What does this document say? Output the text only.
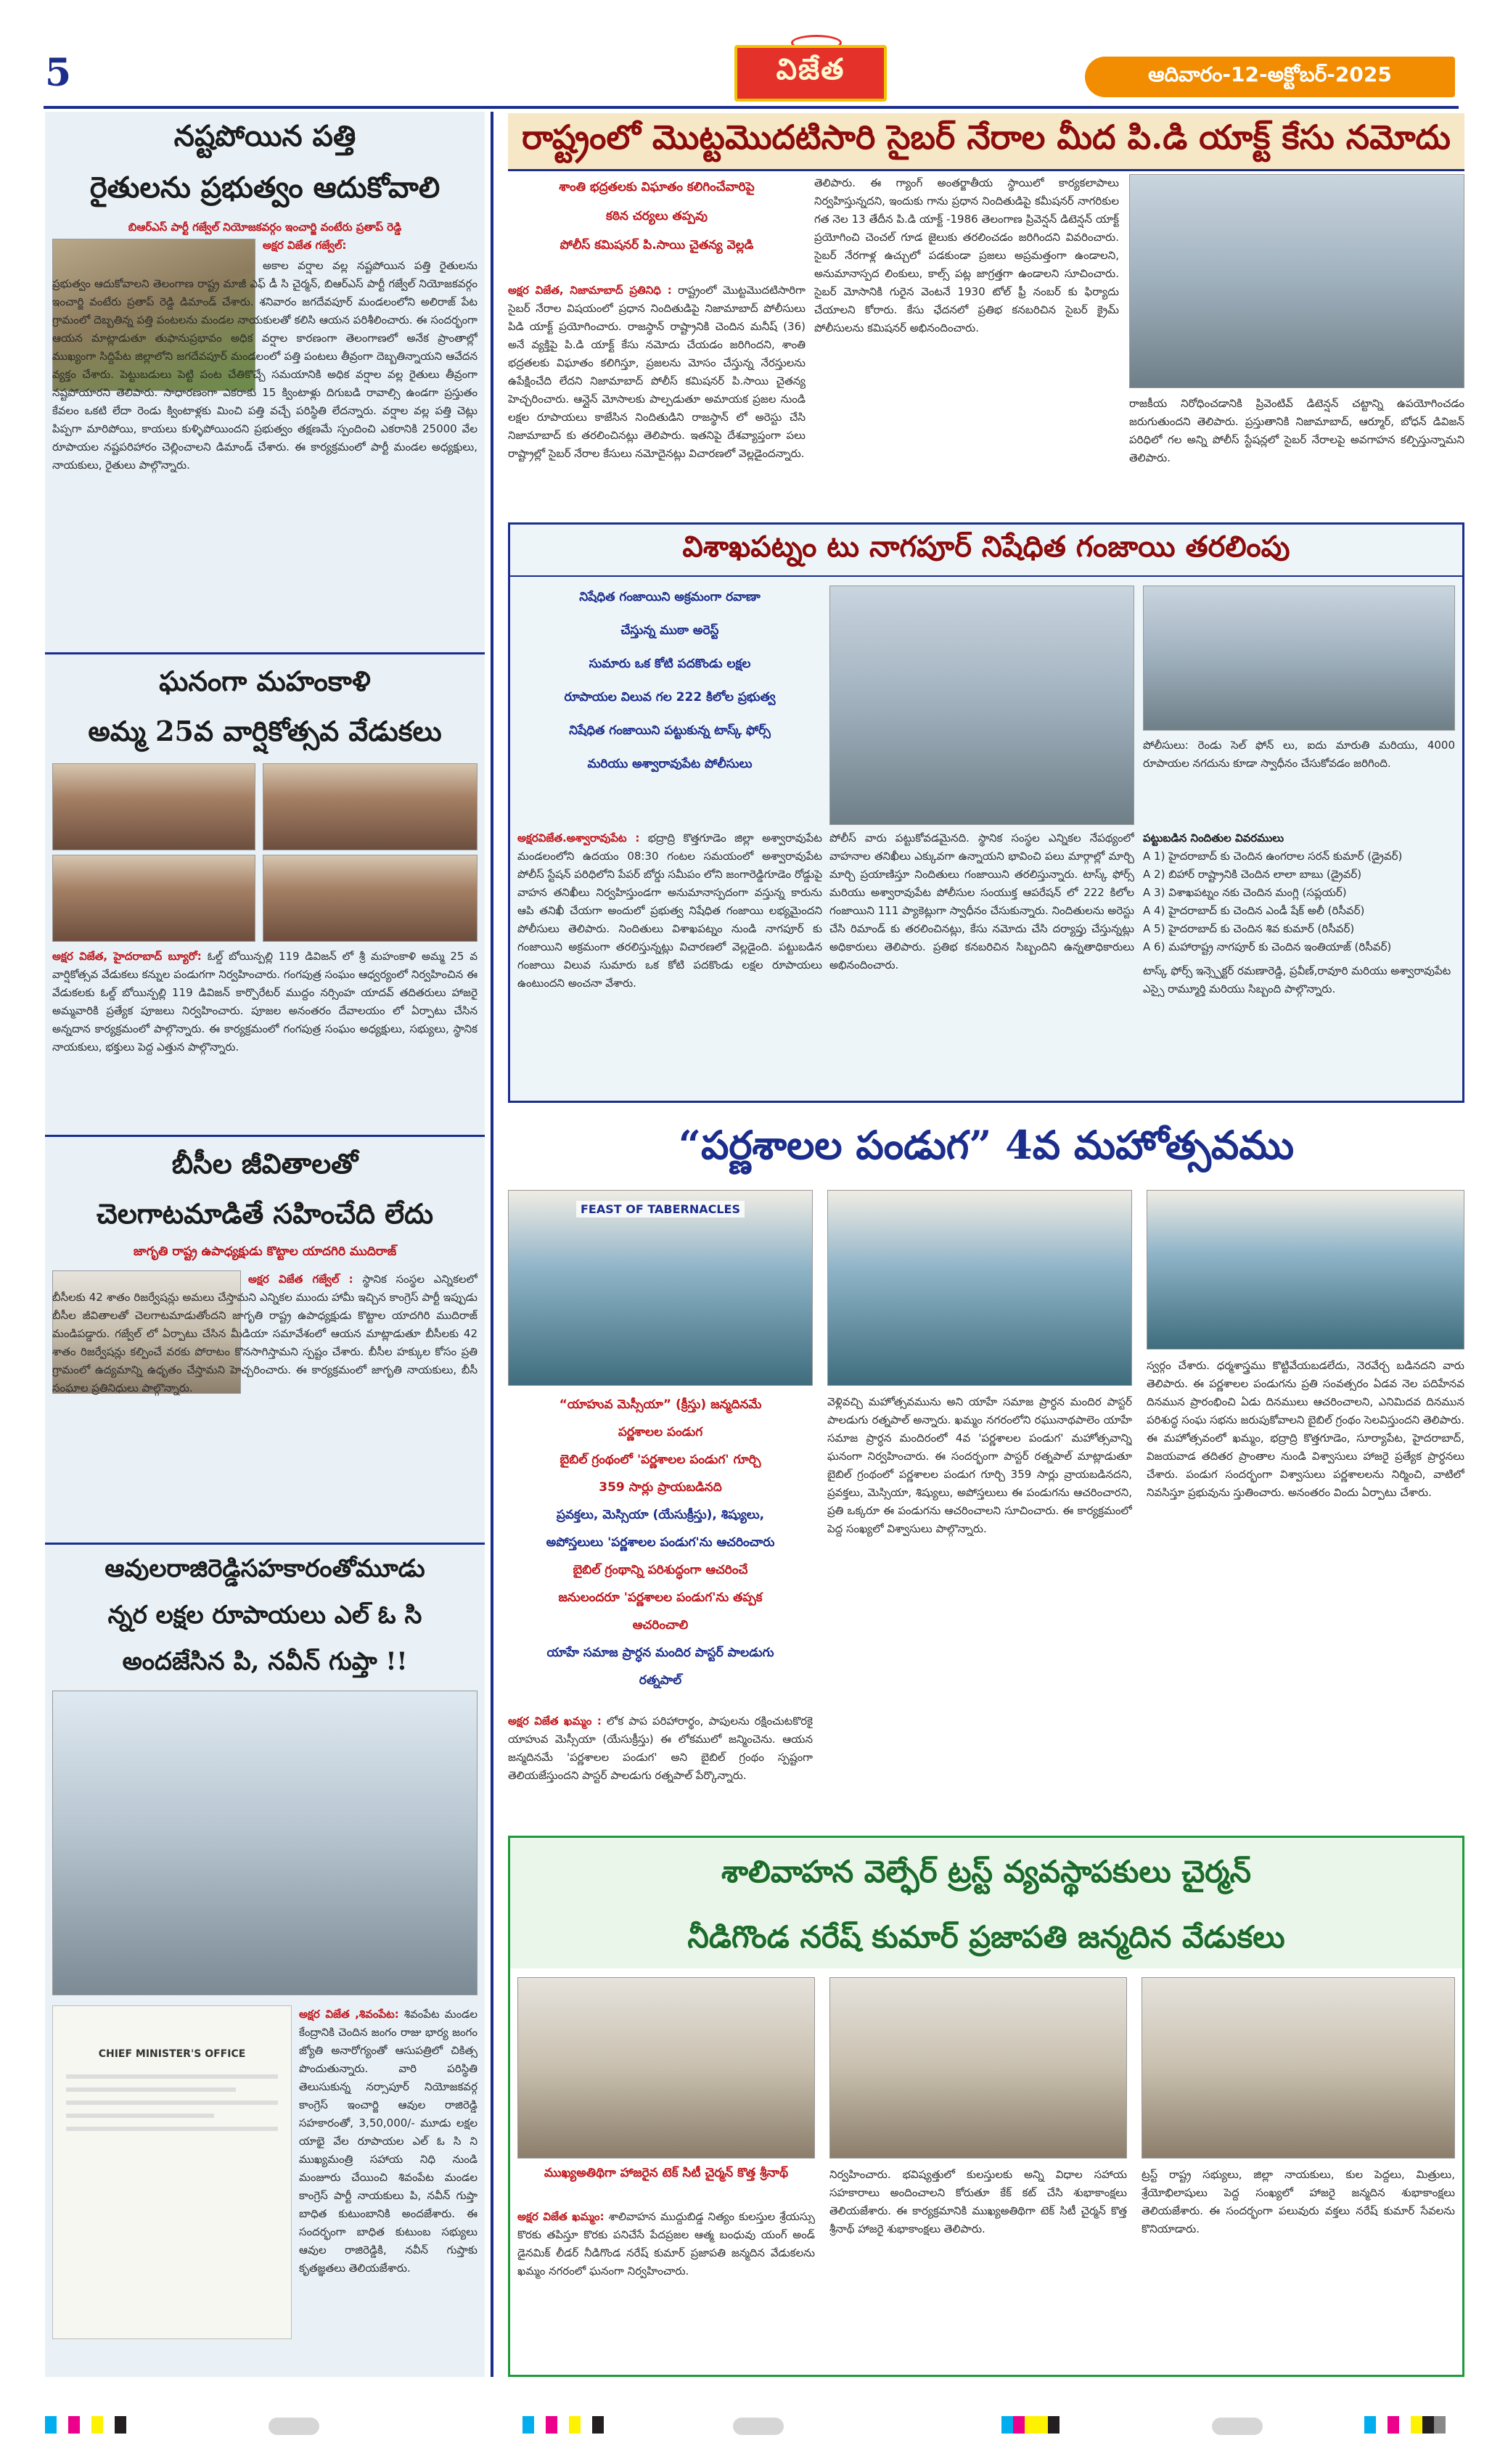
5	విజేత	ఆదివారం-12-అక్టోబర్-2025
నష్టపోయిన పత్తి
రైతులను ప్రభుత్వం ఆదుకోవాలి
బిఆర్ఎస్ పార్టీ గజ్వేల్ నియోజకవర్గం ఇంచార్జి వంటేరు ప్రతాప్ రెడ్డి
అక్షర విజేత గజ్వేల్:
అకాల వర్షాల వల్ల నష్టపోయిన పత్తి రైతులను ప్రభుత్వం ఆదుకోవాలని తెలంగాణ రాష్ట్ర మాజీ ఎఫ్ డీ సి చైర్మన్, బిఆర్ఎస్ పార్టీ గజ్వేల్ నియోజకవర్గం ఇంచార్జి వంటేరు ప్రతాప్ రెడ్డి డిమాండ్ చేశారు. శనివారం జగదేవపూర్ మండలంలోని అలిరాజ్ పేట గ్రామంలో దెబ్బతిన్న పత్తి పంటలను మండల నాయకులతో కలిసి ఆయన పరిశీలించారు. ఈ సందర్భంగా ఆయన మాట్లాడుతూ తుఫానుప్రభావం అధిక వర్షాల కారణంగా తెలంగాణలో అనేక ప్రాంతాల్లో ముఖ్యంగా సిద్దిపేట జిల్లాలోని జగదేవపూర్ మండలంలో పత్తి పంటలు తీవ్రంగా దెబ్బతిన్నాయని ఆవేదన వ్యక్తం చేశారు. పెట్టుబడులు పెట్టి పంట చేతికొచ్చే సమయానికి అధిక వర్షాల వల్ల రైతులు తీవ్రంగా నష్టపోయారని తెలిపారు. సాధారణంగా ఎకరాకు 15 క్వింటాళ్లు దిగుబడి రావాల్సి ఉండగా ప్రస్తుతం కేవలం ఒకటి లేదా రెండు క్వింటాళ్లకు మించి పత్తి వచ్చే పరిస్థితి లేదన్నారు. వర్షాల వల్ల పత్తి చెట్లు పిప్పగా మారిపోయి, కాయలు కుళ్ళిపోయిందని ప్రభుత్వం తక్షణమే స్పందించి ఎకరానికి 25000 వేల రూపాయల నష్టపరిహారం చెల్లించాలని డిమాండ్ చేశారు. ఈ కార్యక్రమంలో పార్టీ మండల అధ్యక్షులు, నాయకులు, రైతులు పాల్గొన్నారు.
ఘనంగా మహంకాళి
అమ్మ 25వ వార్షికోత్సవ వేడుకలు
అక్షర విజేత, హైదరాబాద్ బ్యూరో: ఓల్డ్ బోయిన్పల్లి 119 డివిజన్ లో శ్రీ మహంకాళి అమ్మ 25 వ వార్షికోత్సవ వేడుకలు కన్నుల పండుగగా నిర్వహించారు. గంగపుత్ర సంఘం ఆధ్వర్యంలో నిర్వహించిన ఈ వేడుకలకు ఓల్డ్ బోయిన్పల్లి 119 డివిజన్ కార్పొరేటర్ ముద్దం నర్సింహ యాదవ్ తదితరులు హాజరై అమ్మవారికి ప్రత్యేక పూజలు నిర్వహించారు. పూజల అనంతరం దేవాలయం లో ఏర్పాటు చేసిన అన్నదాన కార్యక్రమంలో పాల్గొన్నారు. ఈ కార్యక్రమంలో గంగపుత్ర సంఘం అధ్యక్షులు, సభ్యులు, స్థానిక నాయకులు, భక్తులు పెద్ద ఎత్తున పాల్గొన్నారు.
బీసీల జీవితాలతో
చెలగాటమాడితే సహించేది లేదు
జాగృతి రాష్ట్ర ఉపాధ్యక్షుడు కొట్టాల యాదగిరి ముదిరాజ్
అక్షర విజేత గజ్వేల్ : స్థానిక సంస్థల ఎన్నికలలో బీసీలకు 42 శాతం రిజర్వేషన్లు అమలు చేస్తామని ఎన్నికల ముందు హామీ ఇచ్చిన కాంగ్రెస్ పార్టీ ఇప్పుడు బీసీల జీవితాలతో చెలగాటమాడుతోందని జాగృతి రాష్ట్ర ఉపాధ్యక్షుడు కొట్టాల యాదగిరి ముదిరాజ్ మండిపడ్డారు. గజ్వేల్ లో ఏర్పాటు చేసిన మీడియా సమావేశంలో ఆయన మాట్లాడుతూ బీసీలకు 42 శాతం రిజర్వేషన్లు కల్పించే వరకు పోరాటం కొనసాగిస్తామని స్పష్టం చేశారు. బీసీల హక్కుల కోసం ప్రతి గ్రామంలో ఉద్యమాన్ని ఉధృతం చేస్తామని హెచ్చరించారు. ఈ కార్యక్రమంలో జాగృతి నాయకులు, బీసీ సంఘాల ప్రతినిధులు పాల్గొన్నారు.
ఆవులరాజిరెడ్డిసహకారంతోమూడు
న్నర లక్షల రూపాయలు ఎల్ ఓ సి
అందజేసిన పి, నవీన్ గుప్తా !!
CHIEF MINISTER'S OFFICE
అక్షర విజేత ,శివంపేట: శివంపేట మండల కేంద్రానికి చెందిన జంగం రాజు భార్య జంగం జ్యోతి అనారోగ్యంతో ఆసుపత్రిలో చికిత్స పొందుతున్నారు. వారి పరిస్థితి తెలుసుకున్న నర్సాపూర్ నియోజకవర్గ కాంగ్రెస్ ఇంచార్జి ఆవుల రాజిరెడ్డి సహకారంతో, 3,50,000/- మూడు లక్షల యాభై వేల రూపాయల ఎల్ ఓ సి ని ముఖ్యమంత్రి సహాయ నిధి నుండి మంజూరు చేయించి శివంపేట మండల కాంగ్రెస్ పార్టీ నాయకులు పి, నవీన్ గుప్తా బాధిత కుటుంబానికి అందజేశారు. ఈ సందర్భంగా బాధిత కుటుంబ సభ్యులు ఆవుల రాజిరెడ్డికి, నవీన్ గుప్తాకు కృతజ్ఞతలు తెలియజేశారు.
రాష్ట్రంలో మొట్టమొదటిసారి సైబర్ నేరాల మీద పి.డి యాక్ట్ కేసు నమోదు
శాంతి భద్రతలకు విఘాతం కలిగించేవారిపై
కఠిన చర్యలు తప్పవు
పోలీస్ కమిషనర్ పి.సాయి చైతన్య వెల్లడి
అక్షర విజేత, నిజామాబాద్ ప్రతినిధి : రాష్ట్రంలో మొట్టమొదటిసారిగా సైబర్ నేరాల విషయంలో ప్రధాన నిందితుడిపై నిజామాబాద్ పోలీసులు పిడి యాక్ట్ ప్రయోగించారు. రాజస్థాన్ రాష్ట్రానికి చెందిన మనీష్ (36) అనే వ్యక్తిపై పి.డి యాక్ట్ కేసు నమోదు చేయడం జరిగిందని, శాంతి భద్రతలకు విఘాతం కలిగిస్తూ, ప్రజలను మోసం చేస్తున్న నేరస్తులను ఉపేక్షించేది లేదని నిజామాబాద్ పోలీస్ కమిషనర్ పి.సాయి చైతన్య హెచ్చరించారు. ఆన్లైన్ మోసాలకు పాల్పడుతూ అమాయక ప్రజల నుండి లక్షల రూపాయలు కాజేసిన నిందితుడిని రాజస్థాన్ లో అరెస్టు చేసి నిజామాబాద్ కు తరలించినట్లు తెలిపారు. ఇతనిపై దేశవ్యాప్తంగా పలు రాష్ట్రాల్లో సైబర్ నేరాల కేసులు నమోదైనట్లు విచారణలో వెల్లడైందన్నారు.
తెలిపారు. ఈ గ్యాంగ్ అంతర్జాతీయ స్థాయిలో కార్యకలాపాలు నిర్వహిస్తున్నదని, ఇందుకు గాను ప్రధాన నిందితుడిపై కమీషనర్ నాగరికుల గత నెల 13 తేదీన పి.డి యాక్ట్ -1986 తెలంగాణ ప్రివెన్షన్ డిటెన్షన్ యాక్ట్ ప్రయోగించి చెంచల్ గూడ జైలుకు తరలించడం జరిగిందని వివరించారు. సైబర్ నేరగాళ్ల ఉచ్చులో పడకుండా ప్రజలు అప్రమత్తంగా ఉండాలని, అనుమానాస్పద లింకులు, కాల్స్ పట్ల జాగ్రత్తగా ఉండాలని సూచించారు. సైబర్ మోసానికి గురైన వెంటనే 1930 టోల్ ఫ్రీ నంబర్ కు ఫిర్యాదు చేయాలని కోరారు. కేసు ఛేదనలో ప్రతిభ కనబరిచిన సైబర్ క్రైమ్ పోలీసులను కమిషనర్ అభినందించారు.
రాజకీయ నిరోధించడానికి ప్రివెంటివ్ డిటెన్షన్ చట్టాన్ని ఉపయోగించడం జరుగుతుందని తెలిపారు. ప్రస్తుతానికి నిజామాబాద్, ఆర్మూర్, బోధన్ డివిజన్ పరిధిలో గల అన్ని పోలీస్ స్టేషన్లలో సైబర్ నేరాలపై అవగాహన కల్పిస్తున్నామని తెలిపారు.
విశాఖపట్నం టు నాగపూర్ నిషేధిత గంజాయి తరలింపు
నిషేధిత గంజాయిని అక్రమంగా రవాణా
చేస్తున్న ముఠా అరెస్ట్
సుమారు ఒక కోటి పదకొండు లక్షల
రూపాయల విలువ గల 222 కిలోల ప్రభుత్వ
నిషేధిత గంజాయిని పట్టుకున్న టాస్క్ ఫోర్స్
మరియు అశ్వారావుపేట పోలీసులు
పోలీసులు: రెండు సెల్ ఫోన్ లు, ఐదు మారుతి మరియు, 4000 రూపాయల నగదును కూడా స్వాధీనం చేసుకోవడం జరిగింది.
అక్షరవిజేత.అశ్వారావుపేట : భద్రాద్రి కొత్తగూడెం జిల్లా అశ్వారావుపేట మండలంలోని ఉదయం 08:30 గంటల సమయంలో అశ్వారావుపేట పోలీస్ స్టేషన్ పరిధిలోని పేపర్ బోర్డు సమీపం లోని జంగారెడ్డిగూడెం రోడ్డుపై వాహన తనిఖీలు నిర్వహిస్తుండగా అనుమానాస్పదంగా వస్తున్న కారును ఆపి తనిఖీ చేయగా అందులో ప్రభుత్వ నిషేధిత గంజాయి లభ్యమైందని పోలీసులు తెలిపారు. నిందితులు విశాఖపట్నం నుండి నాగపూర్ కు గంజాయిని అక్రమంగా తరలిస్తున్నట్లు విచారణలో వెల్లడైంది. పట్టుబడిన గంజాయి విలువ సుమారు ఒక కోటి పదకొండు లక్షల రూపాయలు ఉంటుందని అంచనా వేశారు.
పోలీస్ వారు పట్టుకోవడమైనది. స్థానిక సంస్థల ఎన్నికల నేపథ్యంలో వాహనాల తనిఖీలు ఎక్కువగా ఉన్నాయని భావించి పలు మార్గాల్లో మార్చి మార్చి ప్రయాణిస్తూ నిందితులు గంజాయిని తరలిస్తున్నారు. టాస్క్ ఫోర్స్ మరియు అశ్వారావుపేట పోలీసుల సంయుక్త ఆపరేషన్ లో 222 కిలోల గంజాయిని 111 ప్యాకెట్లుగా స్వాధీనం చేసుకున్నారు. నిందితులను అరెస్టు చేసి రిమాండ్ కు తరలించినట్లు, కేసు నమోదు చేసి దర్యాప్తు చేస్తున్నట్లు అధికారులు తెలిపారు. ప్రతిభ కనబరిచిన సిబ్బందిని ఉన్నతాధికారులు అభినందించారు.
పట్టుబడిన నిందితుల వివరములు
A 1) హైదరాబాద్ కు చెందిన ఉంగరాల సరన్ కుమార్ (డ్రైవర్)
A 2) బిహార్ రాష్ట్రానికి చెందిన లాలా బాబు (డ్రైవర్)
A 3) విశాఖపట్నం నకు చెందిన మంగ్లి (సప్లయర్)
A 4) హైదరాబాద్ కు చెందిన ఎండీ షేక్ అలీ (రిసీవర్)
A 5) హైదరాబాద్ కు చెందిన శివ కుమార్ (రిసీవర్)
A 6) మహారాష్ట్ర నాగపూర్ కు చెందిన ఇంతియాజ్ (రిసీవర్)
టాస్క్ ఫోర్స్ ఇన్స్పెక్టర్ రమణారెడ్డి, ప్రవీణ్,రావూరి మరియు అశ్వారావుపేట ఎస్సై రామ్మూర్తి మరియు సిబ్బంది పాల్గొన్నారు.
“పర్ణశాలల పండుగ” 4వ మహోత్సవము
FEAST OF TABERNACLES
“యాహువ మెస్సీయా” (క్రీస్తు) జన్మదినమే
పర్ణశాలల పండుగ
బైబిల్ గ్రంథంలో 'పర్ణశాలల పండుగ' గూర్చి
359 సార్లు ప్రాయబడినది
ప్రవక్తలు, మెస్సియా (యేసుక్రీస్తు), శిష్యులు,
అపోస్తలులు 'పర్ణశాలల పండుగ'ను ఆచరించారు
బైబిల్ గ్రంథాన్ని పరిశుద్ధంగా ఆచరించే
జనులందరూ 'పర్ణశాలల పండుగ'ను తప్పక
ఆచరించాలి
యాహే సమాజ ప్రార్ధన మందిర పాస్టర్ పాలడుగు
రత్నపాల్
అక్షర విజేత ఖమ్మం : లోక పాప పరిహారార్థం, పాపులను రక్షించుటకొరకై యాహువ మెస్సీయా (యేసుక్రీస్తు) ఈ లోకములో జన్మించెను. ఆయన జన్మదినమే 'పర్ణశాలల పండుగ' అని బైబిల్ గ్రంథం స్పష్టంగా తెలియజేస్తుందని పాస్టర్ పాలడుగు రత్నపాల్ పేర్కొన్నారు.
వెళ్లివచ్చి మహోత్సవమును అని యాహే సమాజ ప్రార్ధన మందిర పాస్టర్ పాలడుగు రత్నపాల్ అన్నారు. ఖమ్మం నగరంలోని రఘునాథపాలెం యాహే సమాజ ప్రార్ధన మందిరంలో 4వ 'పర్ణశాలల పండుగ' మహోత్సవాన్ని ఘనంగా నిర్వహించారు. ఈ సందర్భంగా పాస్టర్ రత్నపాల్ మాట్లాడుతూ బైబిల్ గ్రంథంలో పర్ణశాలల పండుగ గూర్చి 359 సార్లు వ్రాయబడినదని, ప్రవక్తలు, మెస్సియా, శిష్యులు, అపోస్తలులు ఈ పండుగను ఆచరించారని, ప్రతి ఒక్కరూ ఈ పండుగను ఆచరించాలని సూచించారు. ఈ కార్యక్రమంలో పెద్ద సంఖ్యలో విశ్వాసులు పాల్గొన్నారు.
స్వర్గం చేశారు. ధర్మశాస్త్రము కొట్టివేయబడలేదు, నెరవేర్చ బడినదని వారు తెలిపారు. ఈ పర్ణశాలల పండుగను ప్రతి సంవత్సరం ఏడవ నెల పదిహేనవ దినమున ప్రారంభించి ఏడు దినములు ఆచరించాలని, ఎనిమిదవ దినమున పరిశుద్ధ సంఘ సభను జరుపుకోవాలని బైబిల్ గ్రంథం సెలవిస్తుందని తెలిపారు. ఈ మహోత్సవంలో ఖమ్మం, భద్రాద్రి కొత్తగూడెం, సూర్యాపేట, హైదరాబాద్, విజయవాడ తదితర ప్రాంతాల నుండి విశ్వాసులు హాజరై ప్రత్యేక ప్రార్ధనలు చేశారు. పండుగ సందర్భంగా విశ్వాసులు పర్ణశాలలను నిర్మించి, వాటిలో నివసిస్తూ ప్రభువును స్తుతించారు. అనంతరం విందు ఏర్పాటు చేశారు.
శాలివాహన వెల్ఫేర్ ట్రస్ట్ వ్యవస్థాపకులు చైర్మన్
నీడిగొండ నరేష్ కుమార్ ప్రజాపతి జన్మదిన వేడుకలు
ముఖ్యఅతిథిగా హాజరైన టెక్ సిటీ చైర్మన్ కొత్త శ్రీనాథ్
అక్షర విజేత ఖమ్మం: శాలివాహన ముద్దుబిడ్డ నిత్యం కులస్తుల శ్రేయస్సు కొరకు తపిస్తూ కొరకు పనిచేసే పేదప్రజల ఆత్మ బంధువు యంగ్ అండ్ డైనమిక్ లీడర్ నీడిగొండ నరేష్ కుమార్ ప్రజాపతి జన్మదిన వేడుకలను ఖమ్మం నగరంలో ఘనంగా నిర్వహించారు.
నిర్వహించారు. భవిష్యత్తులో కులస్తులకు అన్ని విధాల సహాయ సహకారాలు అందించాలని కోరుతూ కేక్ కట్ చేసి శుభాకాంక్షలు తెలియజేశారు. ఈ కార్యక్రమానికి ముఖ్యఅతిథిగా టెక్ సిటీ చైర్మన్ కొత్త శ్రీనాథ్ హాజరై శుభాకాంక్షలు తెలిపారు.
ట్రస్ట్ రాష్ట్ర సభ్యులు, జిల్లా నాయకులు, కుల పెద్దలు, మిత్రులు, శ్రేయోభిలాషులు పెద్ద సంఖ్యలో హాజరై జన్మదిన శుభాకాంక్షలు తెలియజేశారు. ఈ సందర్భంగా పలువురు వక్తలు నరేష్ కుమార్ సేవలను కొనియాడారు.
